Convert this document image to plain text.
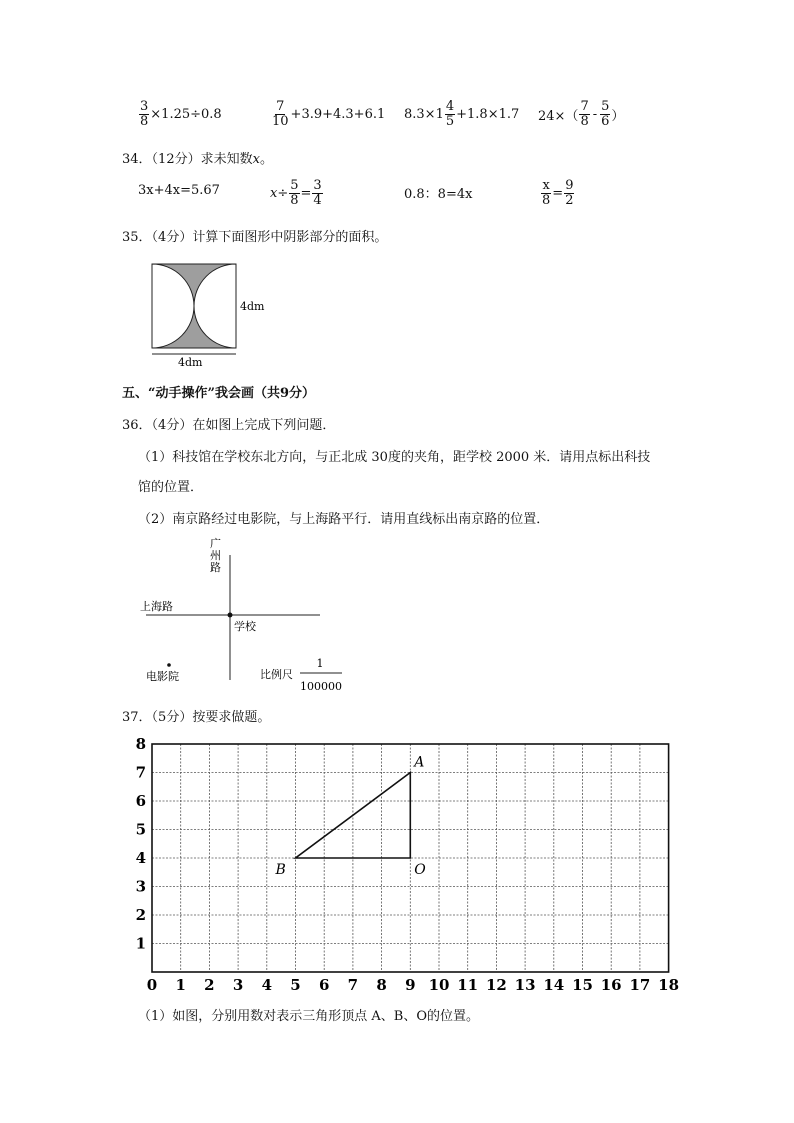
$\frac{3}{8} \times 1.25\div 0.8$	$\frac{7}{10} +3.9+4.3+6.1$ $8.3\times 1 \frac{4}{5} +1.8\times 1.7$ $24\times( \frac{7}{8} - \frac{5}{6}$ ）
34．（12分）求未知数x。
3x+4x=5.67	$x\div \frac{5}{8} = \frac{3}{4}$	0.8：8=4x	$\frac{x}{8} = \frac{9}{2}$
35．（4分）计算下面图形中阴影部分的面积。
4dm
4dm
五、“动手操作”我会画（共9分）
36．（4分）在如图上完成下列问题．
（1）科技馆在学校东北方向，与正北成 30度的夹角，距学校 2000 米．请用点标出科技
馆的位置．
（2）南京路经过电影院，与上海路平行．请用直线标出南京路的位置．
广
州
路
上海路
学校
电影院	比例尺
1
100000
37．（5分）按要求做题。
0 1 2 3 4 5 6 7 8 9 10 11 12 13 14 15 16 17 18
1
2
3
4
5
6
7
8
A
B	O
（1）如图，分别用数对表示三角形顶点 A、B、O的位置。
